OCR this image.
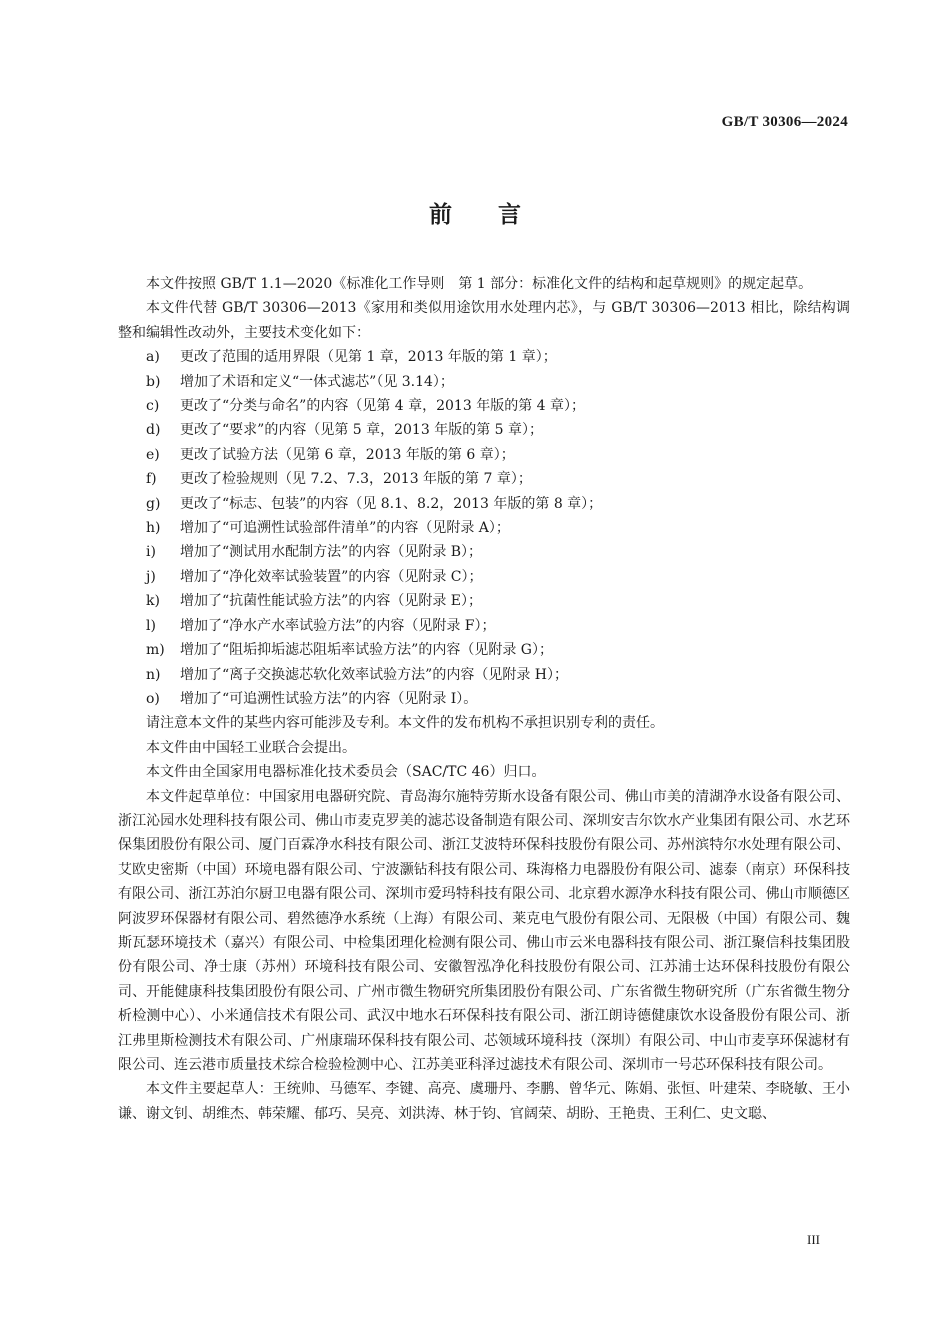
GB/T 30306—2024
前言

本文件按照 GB/T 1.1—2020《标准化工作导则　第 1 部分：标准化文件的结构和起草规则》的规定起草。

本文件代替 GB/T 30306—2013《家用和类似用途饮用水处理内芯》，与 GB/T 30306—2013 相比，除结构调整和编辑性改动外，主要技术变化如下：

a) 更改了范围的适用界限（见第 1 章，2013 年版的第 1 章）；
b) 增加了术语和定义“一体式滤芯”（见 3.14）；
c) 更改了“分类与命名”的内容（见第 4 章，2013 年版的第 4 章）；
d) 更改了“要求”的内容（见第 5 章，2013 年版的第 5 章）；
e) 更改了试验方法（见第 6 章，2013 年版的第 6 章）；
f) 更改了检验规则（见 7.2、7.3，2013 年版的第 7 章）；
g) 更改了“标志、包装”的内容（见 8.1、8.2，2013 年版的第 8 章）；
h) 增加了“可追溯性试验部件清单”的内容（见附录 A）；
i) 增加了“测试用水配制方法”的内容（见附录 B）；
j) 增加了“净化效率试验装置”的内容（见附录 C）；
k) 增加了“抗菌性能试验方法”的内容（见附录 E）；
l) 增加了“净水产水率试验方法”的内容（见附录 F）；
m) 增加了“阻垢抑垢滤芯阻垢率试验方法”的内容（见附录 G）；
n) 增加了“离子交换滤芯软化效率试验方法”的内容（见附录 H）；
o) 增加了“可追溯性试验方法”的内容（见附录 I）。

请注意本文件的某些内容可能涉及专利。本文件的发布机构不承担识别专利的责任。

本文件由中国轻工业联合会提出。

本文件由全国家用电器标准化技术委员会（SAC/TC 46）归口。

本文件起草单位：中国家用电器研究院、青岛海尔施特劳斯水设备有限公司、佛山市美的清湖净水设备有限公司、浙江沁园水处理科技有限公司、佛山市麦克罗美的滤芯设备制造有限公司、深圳安吉尔饮水产业集团有限公司、水艺环保集团股份有限公司、厦门百霖净水科技有限公司、浙江艾波特环保科技股份有限公司、苏州滨特尔水处理有限公司、艾欧史密斯（中国）环境电器有限公司、宁波灏钻科技有限公司、珠海格力电器股份有限公司、滤泰（南京）环保科技有限公司、浙江苏泊尔厨卫电器有限公司、深圳市爱玛特科技有限公司、北京碧水源净水科技有限公司、佛山市顺德区阿波罗环保器材有限公司、碧然德净水系统（上海）有限公司、莱克电气股份有限公司、无限极（中国）有限公司、魏斯瓦瑟环境技术（嘉兴）有限公司、中检集团理化检测有限公司、佛山市云米电器科技有限公司、浙江聚信科技集团股份有限公司、净士康（苏州）环境科技有限公司、安徽智泓净化科技股份有限公司、江苏浦士达环保科技股份有限公司、开能健康科技集团股份有限公司、广州市微生物研究所集团股份有限公司、广东省微生物研究所（广东省微生物分析检测中心）、小米通信技术有限公司、武汉中地水石环保科技有限公司、浙江朗诗德健康饮水设备股份有限公司、浙江弗里斯检测技术有限公司、广州康瑞环保科技有限公司、芯领域环境科技（深圳）有限公司、中山市麦享环保滤材有限公司、连云港市质量技术综合检验检测中心、江苏美亚科泽过滤技术有限公司、深圳市一号芯环保科技有限公司。

本文件主要起草人：王统帅、马德军、李键、高亮、虞珊丹、李鹏、曾华元、陈娟、张恒、叶建荣、李晓敏、王小谦、谢文钊、胡维杰、韩荣耀、郁巧、吴亮、刘洪涛、林于钧、官阔荣、胡盼、王艳贵、王利仁、史文聪、

III
